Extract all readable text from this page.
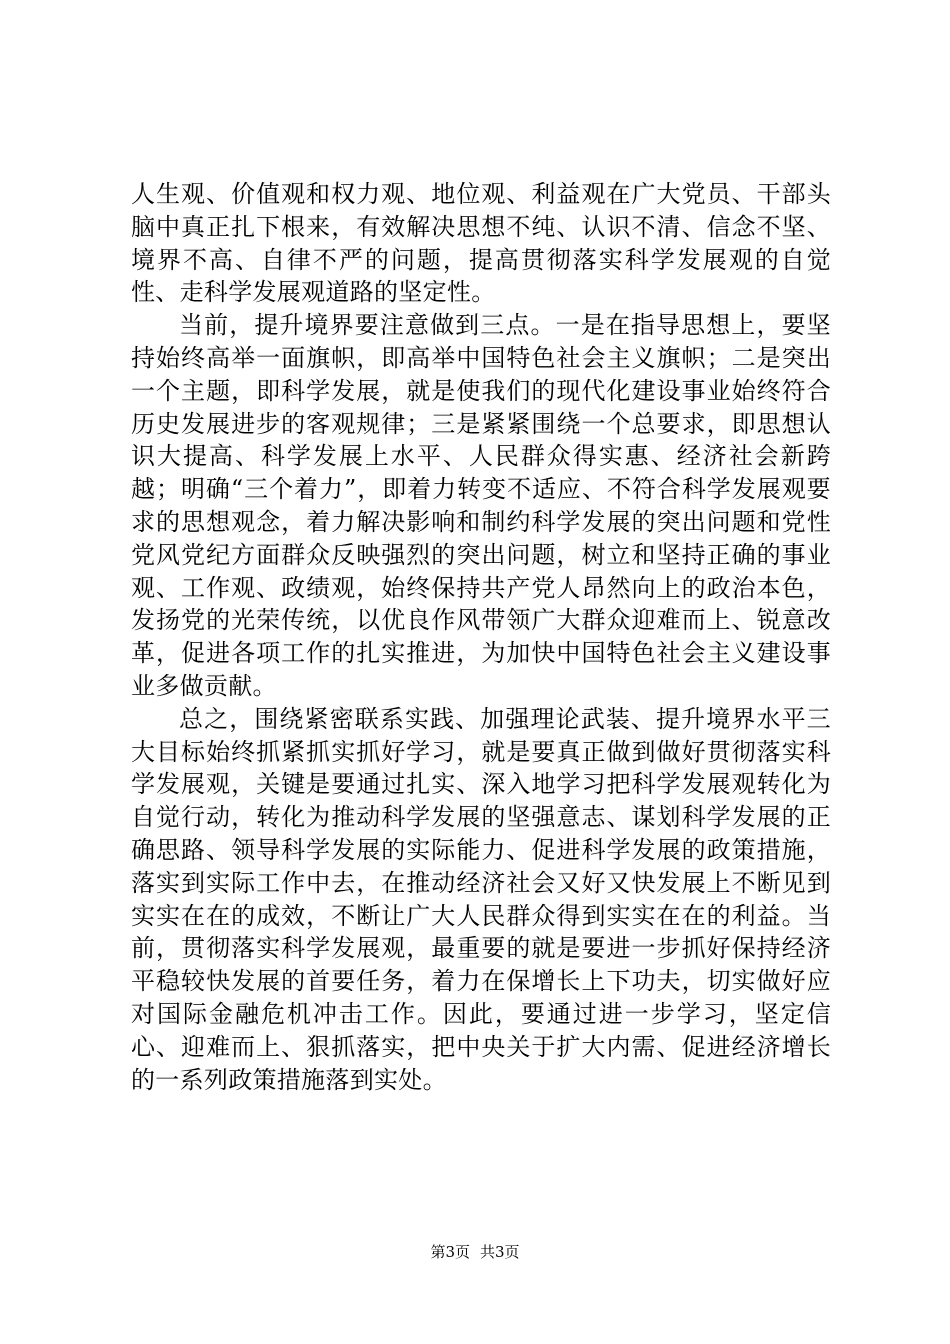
人生观、价值观和权力观、地位观、利益观在广大党员、干部头脑中真正扎下根来，有效解决思想不纯、认识不清、信念不坚、境界不高、自律不严的问题，提高贯彻落实科学发展观的自觉性、走科学发展观道路的坚定性。

当前，提升境界要注意做到三点。一是在指导思想上，要坚持始终高举一面旗帜，即高举中国特色社会主义旗帜；二是突出一个主题，即科学发展，就是使我们的现代化建设事业始终符合历史发展进步的客观规律；三是紧紧围绕一个总要求，即思想认识大提高、科学发展上水平、人民群众得实惠、经济社会新跨越；明确“三个着力”，即着力转变不适应、不符合科学发展观要求的思想观念，着力解决影响和制约科学发展的突出问题和党性党风党纪方面群众反映强烈的突出问题，树立和坚持正确的事业观、工作观、政绩观，始终保持共产党人昂然向上的政治本色，发扬党的光荣传统，以优良作风带领广大群众迎难而上、锐意改革，促进各项工作的扎实推进，为加快中国特色社会主义建设事业多做贡献。

总之，围绕紧密联系实践、加强理论武装、提升境界水平三大目标始终抓紧抓实抓好学习，就是要真正做到做好贯彻落实科学发展观，关键是要通过扎实、深入地学习把科学发展观转化为自觉行动，转化为推动科学发展的坚强意志、谋划科学发展的正确思路、领导科学发展的实际能力、促进科学发展的政策措施，落实到实际工作中去，在推动经济社会又好又快发展上不断见到实实在在的成效，不断让广大人民群众得到实实在在的利益。当前，贯彻落实科学发展观，最重要的就是要进一步抓好保持经济平稳较快发展的首要任务，着力在保增长上下功夫，切实做好应对国际金融危机冲击工作。因此，要通过进一步学习，坚定信心、迎难而上、狠抓落实，把中央关于扩大内需、促进经济增长的一系列政策措施落到实处。

第3页 共3页
